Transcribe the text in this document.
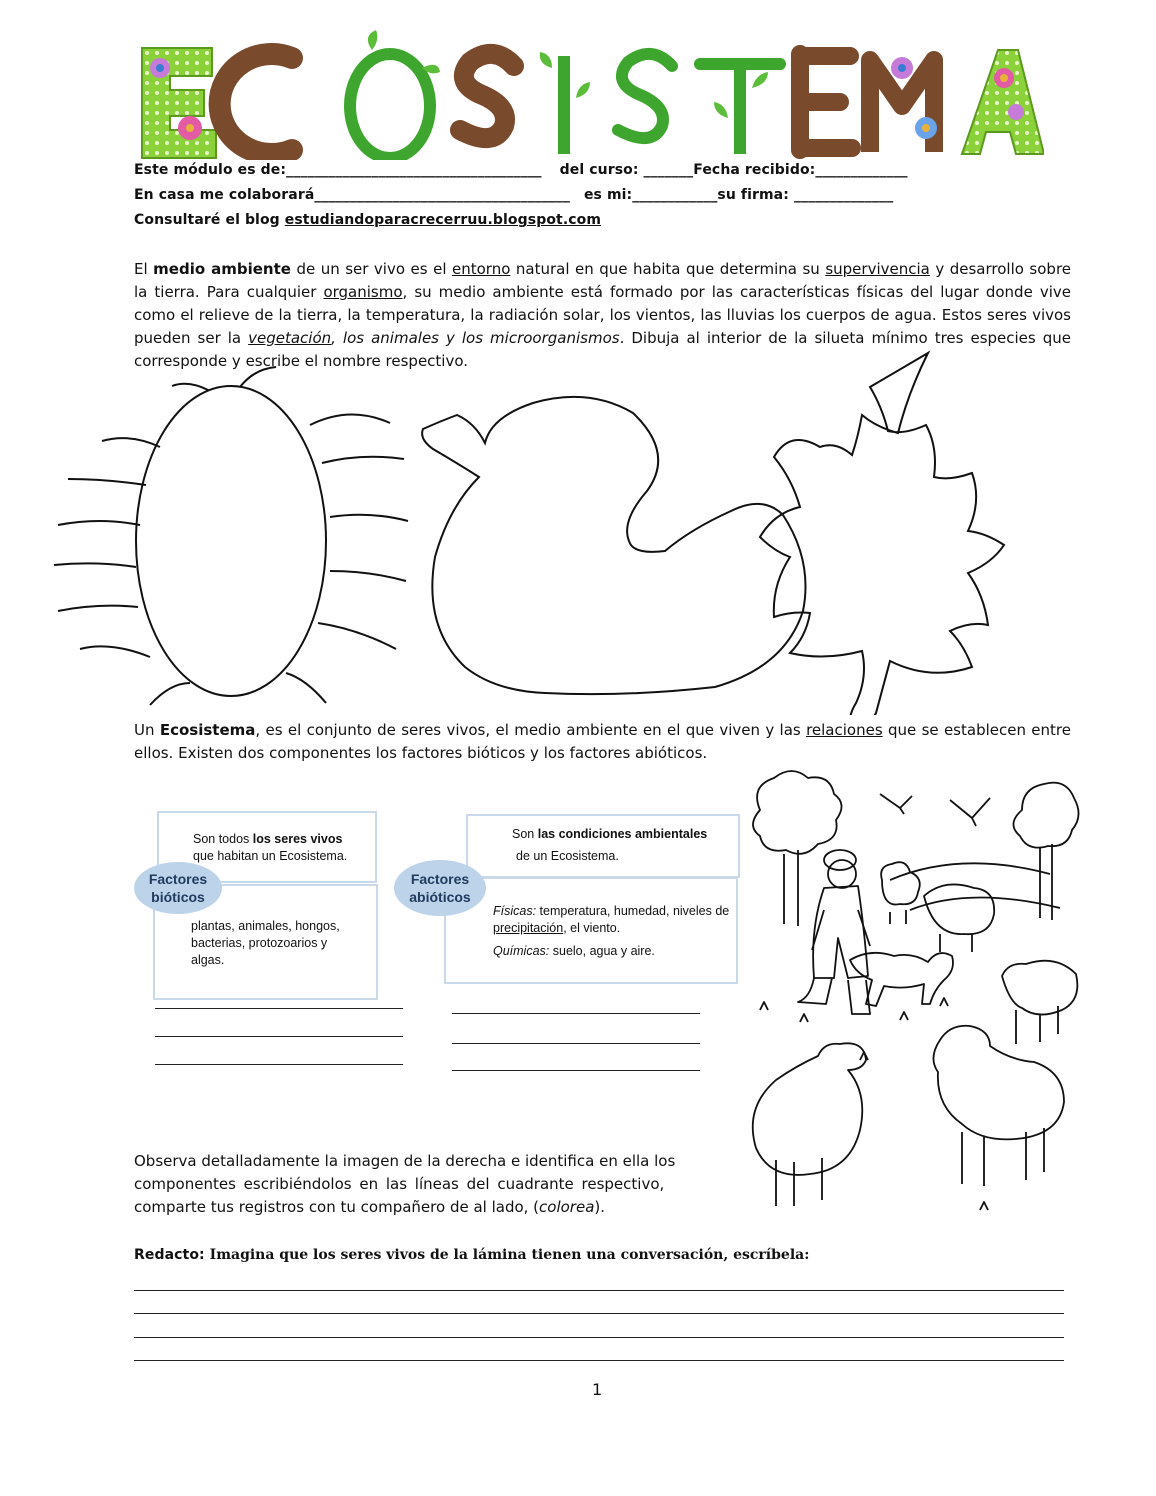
Este módulo es de:____________________________________ del curso: _______Fecha recibido:_____________
En casa me colaborará____________________________________ es mi:____________su firma: ______________
Consultaré el blog estudiandoparacrecerruu.blogspot.com
El medio ambiente de un ser vivo es el entorno natural en que habita que determina su supervivencia y desarrollo sobre la tierra. Para cualquier organismo, su medio ambiente está formado por las características físicas del lugar donde vive como el relieve de la tierra, la temperatura, la radiación solar, los vientos, las lluvias los cuerpos de agua. Estos seres vivos pueden ser la vegetación, los animales y los microorganismos. Dibuja al interior de la silueta mínimo tres especies que corresponde y escribe el nombre respectivo.
Un Ecosistema, es el conjunto de seres vivos, el medio ambiente en el que viven y las relaciones que se establecen entre ellos. Existen dos componentes los factores bióticos y los factores abióticos.
Son todos los seres vivos
que habitan un Ecosistema.
plantas, animales, hongos, bacterias, protozoarios y algas.
Factores bióticos
Son las condiciones ambientales
de un Ecosistema.
Físicas: temperatura, humedad, niveles de precipitación, el viento.
Químicas: suelo, agua y aire.
Factores abióticos
Observa detalladamente la imagen de la derecha e identifica en ella los
componentes escribiéndolos en las líneas del cuadrante respectivo,
comparte tus registros con tu compañero de al lado, (colorea).
Redacto: Imagina que los seres vivos de la lámina tienen una conversación, escríbela:
1
